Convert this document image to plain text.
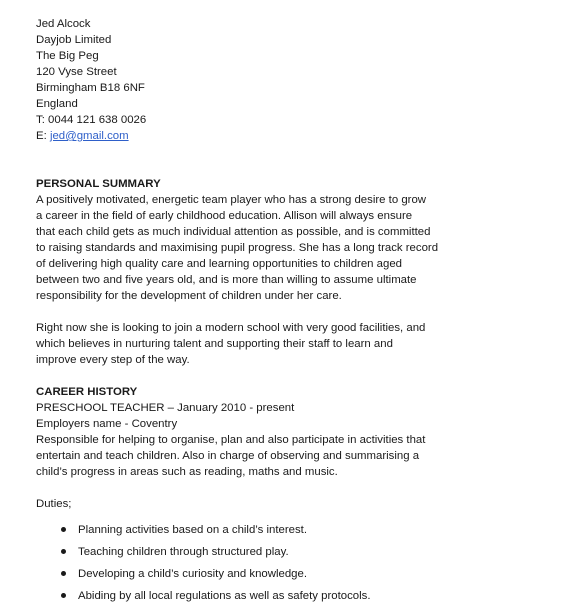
Jed Alcock
Dayjob Limited
The Big Peg
120 Vyse Street
Birmingham B18 6NF
England
T: 0044 121 638 0026
E: jed@gmail.com
PERSONAL SUMMARY
A positively motivated, energetic team player who has a strong desire to grow
a career in the field of early childhood education. Allison will always ensure
that each child gets as much individual attention as possible, and is committed
to raising standards and maximising pupil progress. She has a long track record
of delivering high quality care and learning opportunities to children aged
between two and five years old, and is more than willing to assume ultimate
responsibility for the development of children under her care.
Right now she is looking to join a modern school with very good facilities, and
which believes in nurturing talent and supporting their staff to learn and
improve every step of the way.
CAREER HISTORY
PRESCHOOL TEACHER – January 2010 - present
Employers name - Coventry
Responsible for helping to organise, plan and also participate in activities that
entertain and teach children. Also in charge of observing and summarising a
child’s progress in areas such as reading, maths and music.
Duties;
Planning activities based on a child’s interest.
Teaching children through structured play.
Developing a child’s curiosity and knowledge.
Abiding by all local regulations as well as safety protocols.
